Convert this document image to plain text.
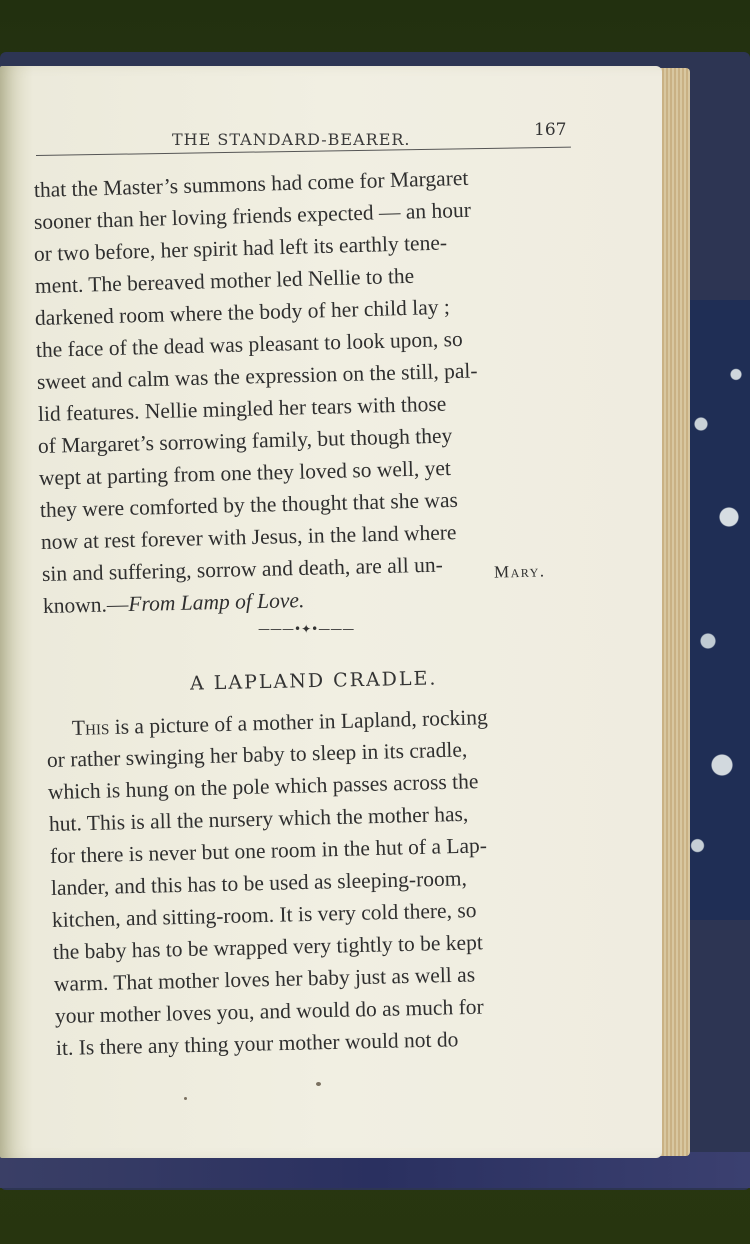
THE STANDARD-BEARER.	167
that the Master’s summons had come for Margaret
sooner than her loving friends expected — an hour
or two before, her spirit had left its earthly tene-
ment. The bereaved mother led Nellie to the
darkened room where the body of her child lay ;
the face of the dead was pleasant to look upon, so
sweet and calm was the expression on the still, pal-
lid features. Nellie mingled her tears with those
of Margaret’s sorrowing family, but though they
wept at parting from one they loved so well, yet
they were comforted by the thought that she was
now at rest forever with Jesus, in the land where
sin and suffering, sorrow and death, are all un-
known.—From Lamp of Love.
Mary.
———•✦•———
A LAPLAND CRADLE.
This is a picture of a mother in Lapland, rocking
or rather swinging her baby to sleep in its cradle,
which is hung on the pole which passes across the
hut. This is all the nursery which the mother has,
for there is never but one room in the hut of a Lap-
lander, and this has to be used as sleeping-room,
kitchen, and sitting-room. It is very cold there, so
the baby has to be wrapped very tightly to be kept
warm. That mother loves her baby just as well as
your mother loves you, and would do as much for
it. Is there any thing your mother would not do
